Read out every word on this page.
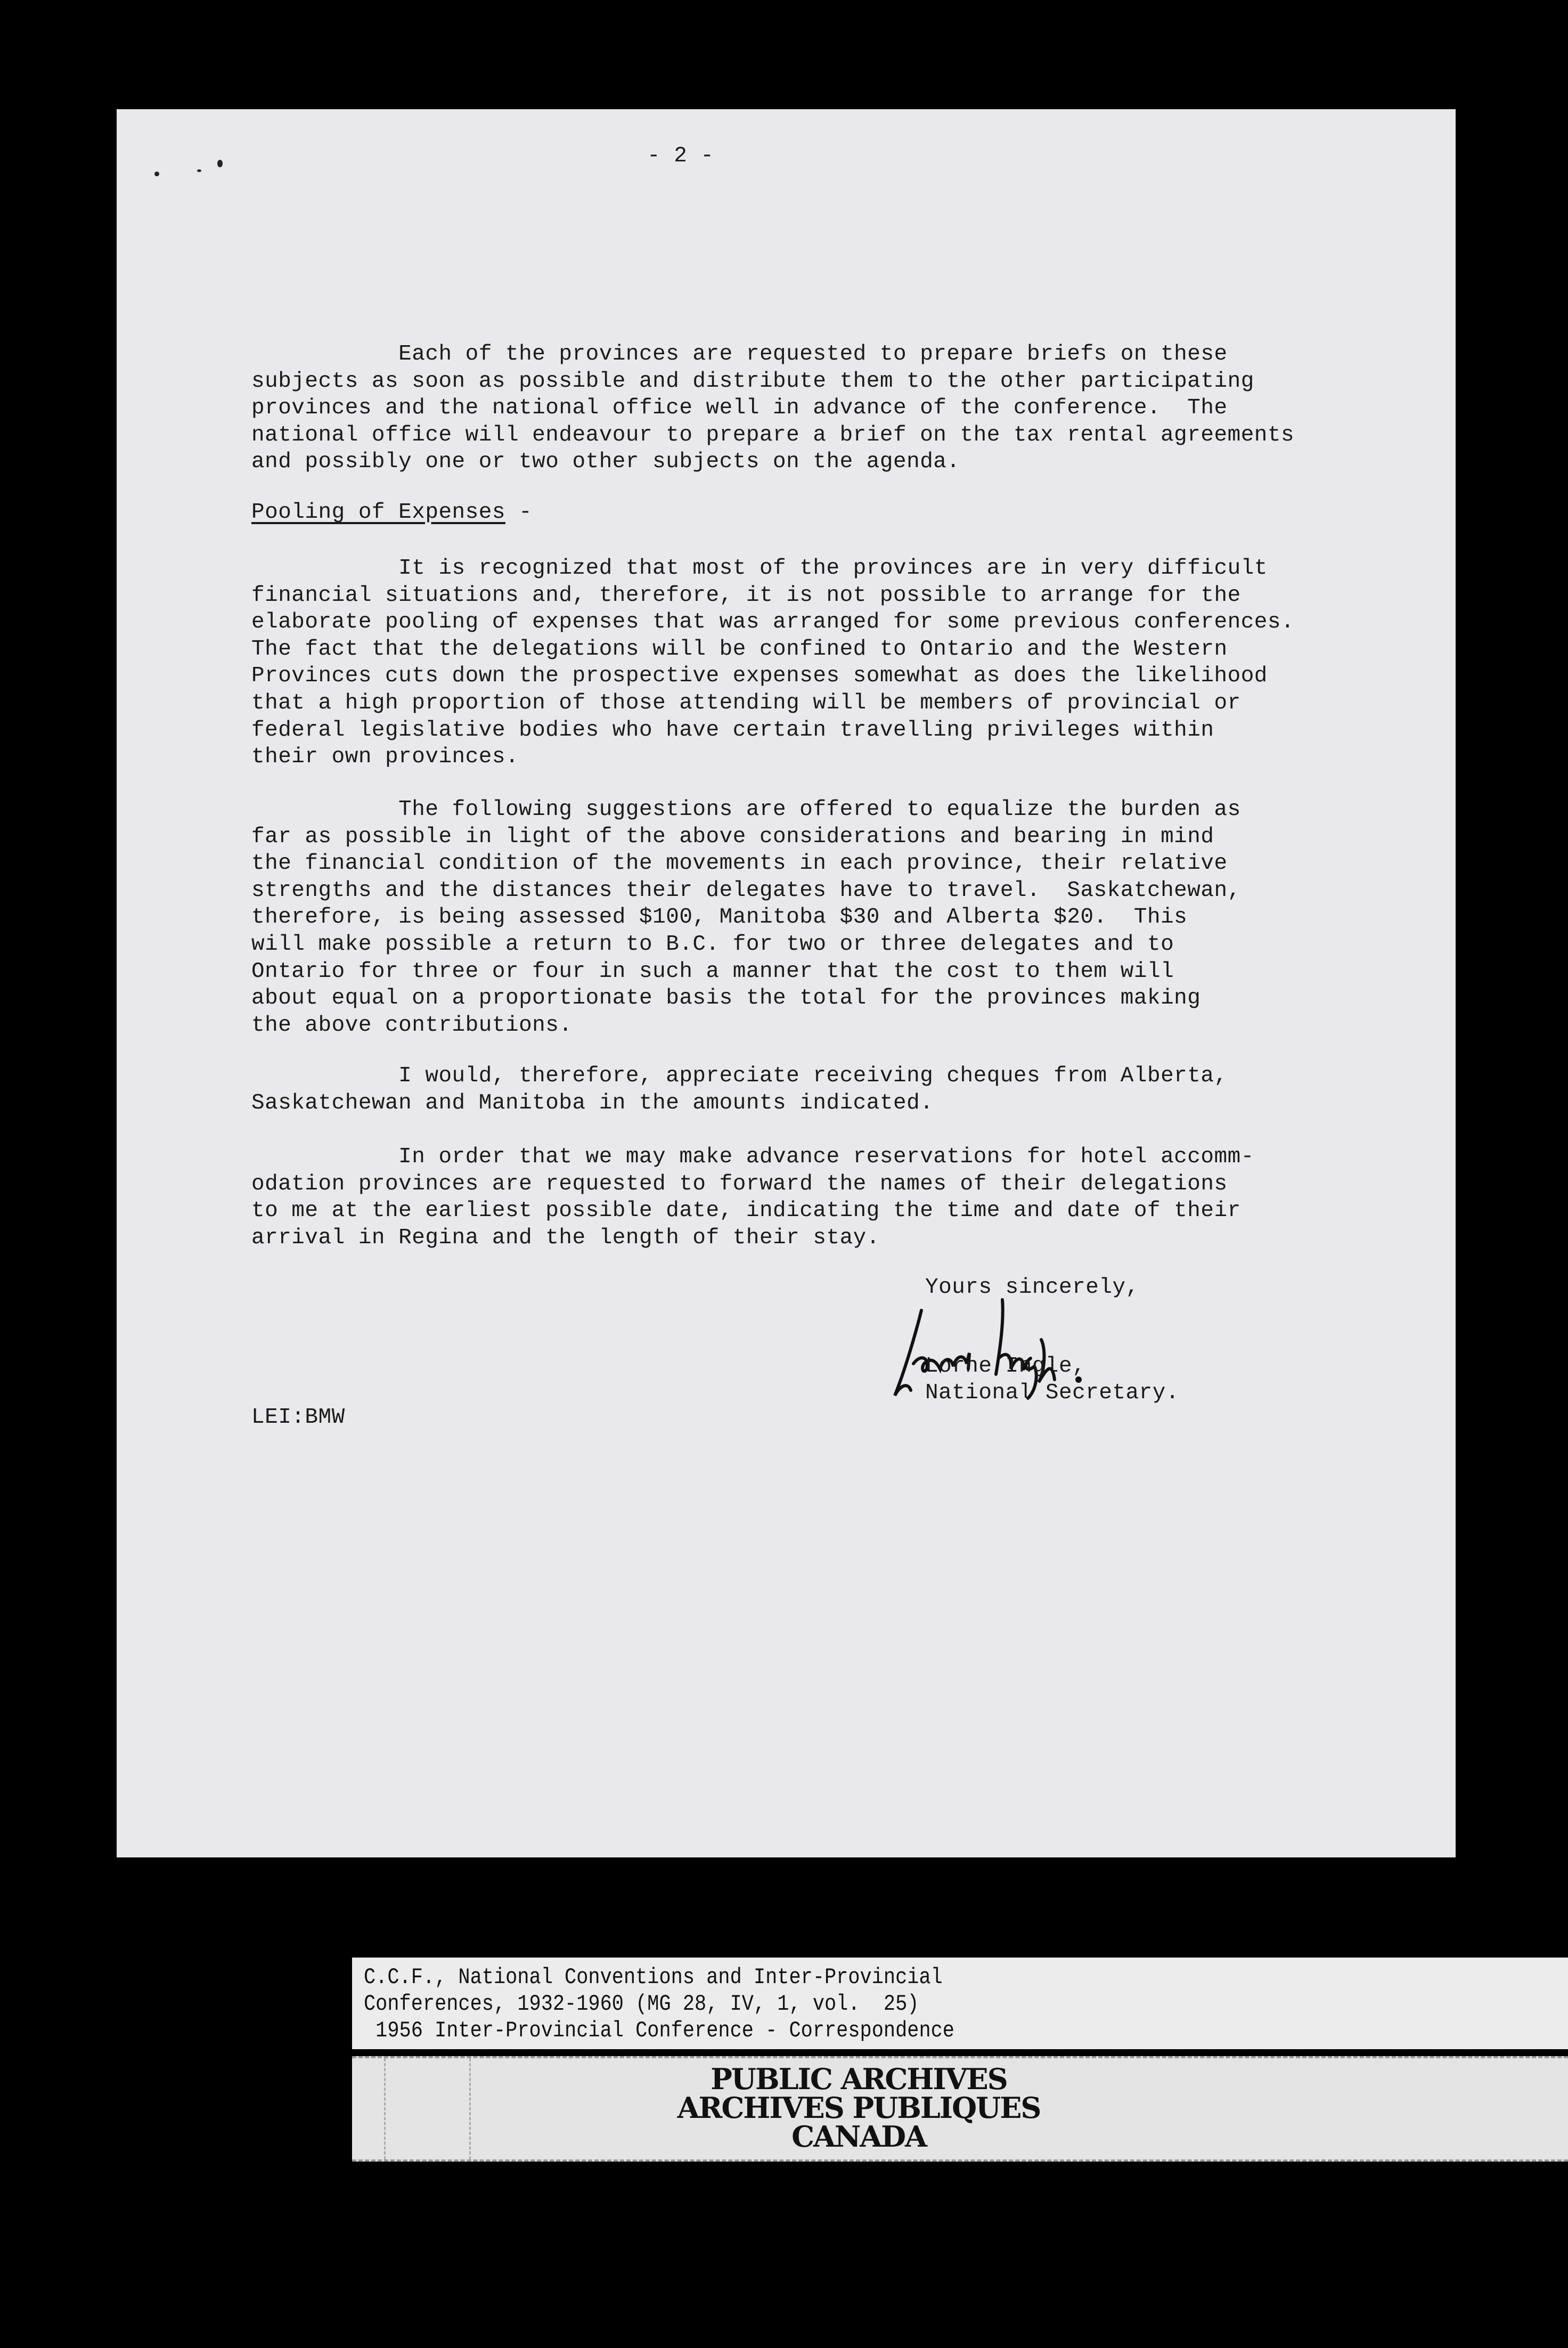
- 2 -
Each of the provinces are requested to prepare briefs on these
subjects as soon as possible and distribute them to the other participating
provinces and the national office well in advance of the conference.  The
national office will endeavour to prepare a brief on the tax rental agreements
and possibly one or two other subjects on the agenda.
Pooling of Expenses -
It is recognized that most of the provinces are in very difficult
financial situations and, therefore, it is not possible to arrange for the
elaborate pooling of expenses that was arranged for some previous conferences.
The fact that the delegations will be confined to Ontario and the Western
Provinces cuts down the prospective expenses somewhat as does the likelihood
that a high proportion of those attending will be members of provincial or
federal legislative bodies who have certain travelling privileges within
their own provinces.
The following suggestions are offered to equalize the burden as
far as possible in light of the above considerations and bearing in mind
the financial condition of the movements in each province, their relative
strengths and the distances their delegates have to travel.  Saskatchewan,
therefore, is being assessed $100, Manitoba $30 and Alberta $20.  This
will make possible a return to B.C. for two or three delegates and to
Ontario for three or four in such a manner that the cost to them will
about equal on a proportionate basis the total for the provinces making
the above contributions.
I would, therefore, appreciate receiving cheques from Alberta,
Saskatchewan and Manitoba in the amounts indicated.
In order that we may make advance reservations for hotel accomm-
odation provinces are requested to forward the names of their delegations
to me at the earliest possible date, indicating the time and date of their
arrival in Regina and the length of their stay.
Yours sincerely,
Lorne Ingle,
National Secretary.
LEI:BMW
C.C.F., National Conventions and Inter-Provincial
Conferences, 1932-1960 (MG 28, IV, 1, vol.  25)
1956 Inter-Provincial Conference - Correspondence
PUBLIC ARCHIVES
ARCHIVES PUBLIQUES
CANADA
